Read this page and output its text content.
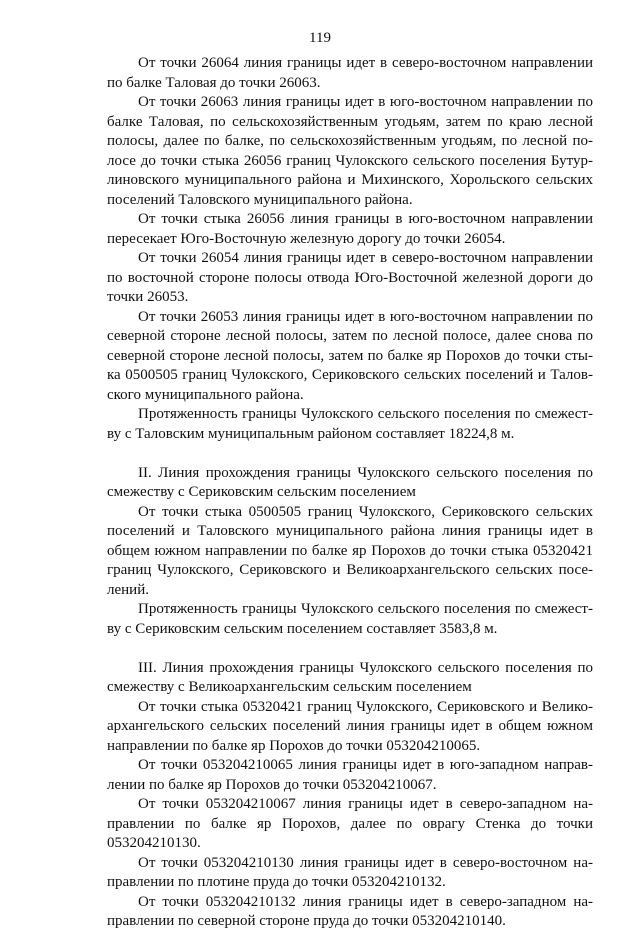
119
От точки 26064 линия границы идет в северо-восточном направлении
по балке Таловая до точки 26063.
От точки 26063 линия границы идет в юго-восточном направлении по
балке Таловая, по сельскохозяйственным угодьям, затем по краю лесной
полосы, далее по балке, по сельскохозяйственным угодьям, по лесной по-
лосе до точки стыка 26056 границ Чулокского сельского поселения Бутур-
линовского муниципального района и Михинского, Хорольского сельских
поселений Таловского муниципального района.
От точки стыка 26056 линия границы в юго-восточном направлении
пересекает Юго-Восточную железную дорогу до точки 26054.
От точки 26054 линия границы идет в северо-восточном направлении
по восточной стороне полосы отвода Юго-Восточной железной дороги до
точки 26053.
От точки 26053 линия границы идет в юго-восточном направлении по
северной стороне лесной полосы, затем по лесной полосе, далее снова по
северной стороне лесной полосы, затем по балке яр Порохов до точки сты-
ка 0500505 границ Чулокского, Сериковского сельских поселений и Талов-
ского муниципального района.
Протяженность границы Чулокского сельского поселения по смежест-
ву с Таловским муниципальным районом составляет 18224,8 м.
II. Линия прохождения границы Чулокского сельского поселения по
смежеству с Сериковским сельским поселением
От точки стыка 0500505 границ Чулокского, Сериковского сельских
поселений и Таловского муниципального района линия границы идет в
общем южном направлении по балке яр Порохов до точки стыка 05320421
границ Чулокского, Сериковского и Великоархангельского сельских посе-
лений.
Протяженность границы Чулокского сельского поселения по смежест-
ву с Сериковским сельским поселением составляет 3583,8 м.
III. Линия прохождения границы Чулокского сельского поселения по
смежеству с Великоархангельским сельским поселением
От точки стыка 05320421 границ Чулокского, Сериковского и Велико-
архангельского сельских поселений линия границы идет в общем южном
направлении по балке яр Порохов до точки 053204210065.
От точки 053204210065 линия границы идет в юго-западном направ-
лении по балке яр Порохов до точки 053204210067.
От точки 053204210067 линия границы идет в северо-западном на-
правлении по балке яр Порохов, далее по оврагу Стенка до точки
053204210130.
От точки 053204210130 линия границы идет в северо-восточном на-
правлении по плотине пруда до точки 053204210132.
От точки 053204210132 линия границы идет в северо-западном на-
правлении по северной стороне пруда до точки 053204210140.
